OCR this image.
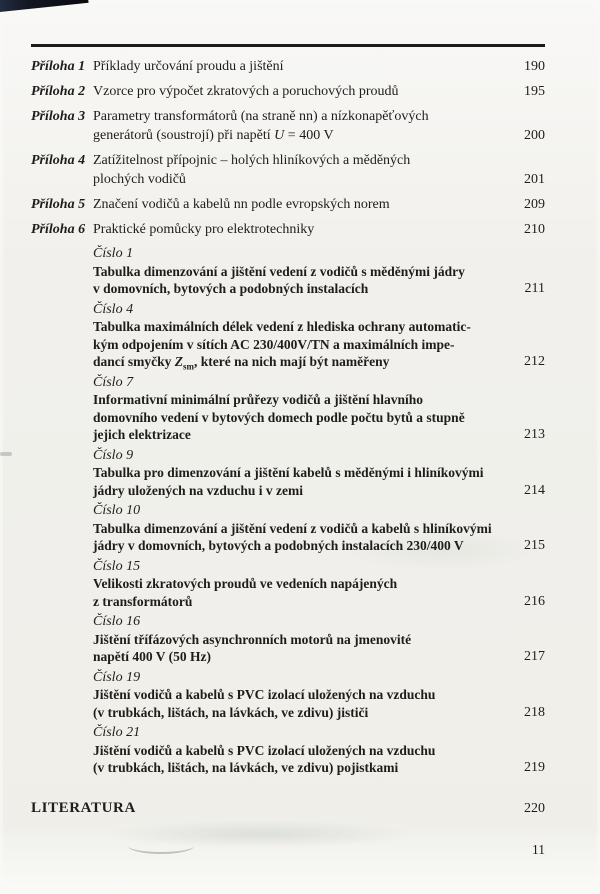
Příloha 1 Příklady určování proudu a jištění	190
Příloha 2 Vzorce pro výpočet zkratových a poruchových proudů	195
Příloha 3 Parametry transformátorů (na straně nn) a nízkonapěťových
generátorů (soustrojí) při napětí U = 400 V	200
Příloha 4 Zatížitelnost přípojnic – holých hliníkových a měděných
plochých vodičů	201
Příloha 5 Značení vodičů a kabelů nn podle evropských norem	209
Příloha 6 Praktické pomůcky pro elektrotechniky	210
Číslo 1
Tabulka dimenzování a jištění vedení z vodičů s měděnými jádry
v domovních, bytových a podobných instalacích	211
Číslo 4
Tabulka maximálních délek vedení z hlediska ochrany automatic-
kým odpojením v sítích AC 230/400V/TN a maximálních impe-
dancí smyčky $Z_{sm}$, které na nich mají být naměřeny	212
Číslo 7
Informativní minimální průřezy vodičů a jištění hlavního
domovního vedení v bytových domech podle počtu bytů a stupně
jejich elektrizace	213
Číslo 9
Tabulka pro dimenzování a jištění kabelů s měděnými i hliníkovými
jádry uložených na vzduchu i v zemi	214
Číslo 10
Tabulka dimenzování a jištění vedení z vodičů a kabelů s hliníkovými
jádry v domovních, bytových a podobných instalacích 230/400 V	215
Číslo 15
Velikosti zkratových proudů ve vedeních napájených
z transformátorů	216
Číslo 16
Jištění třífázových asynchronních motorů na jmenovité
napětí 400 V (50 Hz)	217
Číslo 19
Jištění vodičů a kabelů s PVC izolací uložených na vzduchu
(v trubkách, lištách, na lávkách, ve zdivu) jističi	218
Číslo 21
Jištění vodičů a kabelů s PVC izolací uložených na vzduchu
(v trubkách, lištách, na lávkách, ve zdivu) pojistkami	219
LITERATURA	220
11
